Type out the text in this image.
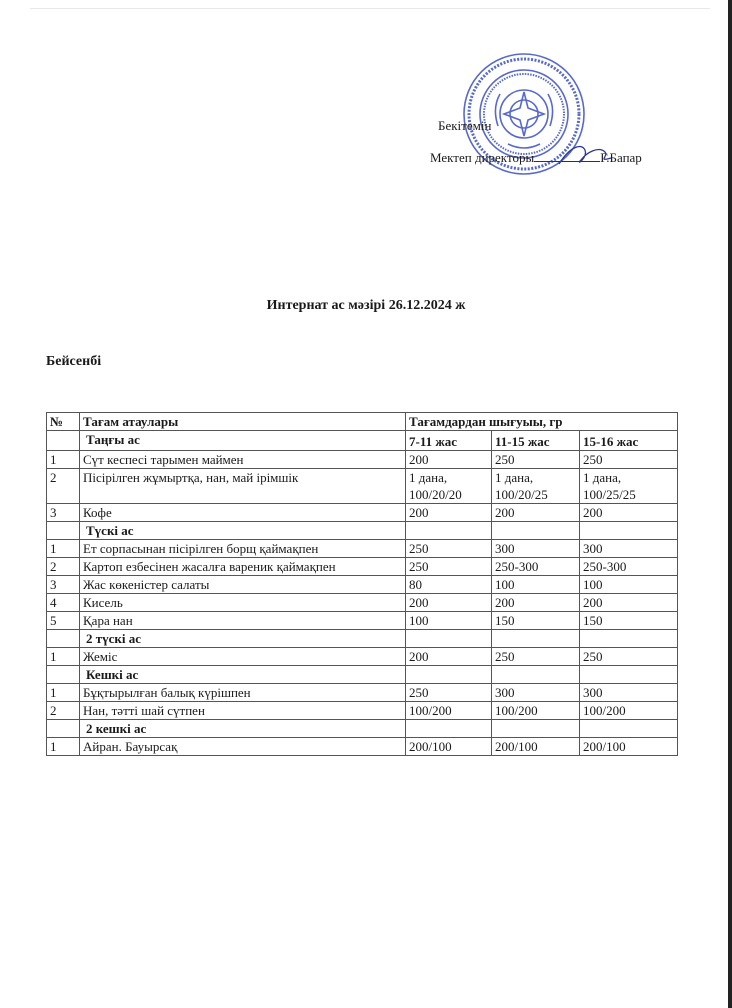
Бекітемін
Мектеп директоры	Г.Бапар
Интернат ас мәзірі 26.12.2024 ж
Бейсенбі
№	Тағам атаулары	Тағамдардан шығуыы, гр		
	Таңғы ас	7-11 жас	11-15 жас	15-16 жас
1	Сүт кеспесі тарымен маймен	200	250	250
2	Пісірілген жұмыртқа, нан, май ірімшік	1 дана, 100/20/20	1 дана, 100/20/25	1 дана, 100/25/25
3	Кофе	200	200	200
	Түскі ас			
1	Ет сорпасынан пісірілген борщ қаймақпен	250	300	300
2	Картоп езбесінен жасалға вареник қаймақпен	250	250-300	250-300
3	Жас көкеністер салаты	80	100	100
4	Кисель	200	200	200
5	Қара нан	100	150	150
	2 түскі ас			
1	Жеміс	200	250	250
	Кешкі ас			
1	Бұқтырылған балық күрішпен	250	300	300
2	Нан, тәтті шай сүтпен	100/200	100/200	100/200
	2 кешкі ас			
1	Айран. Бауырсақ	200/100	200/100	200/100
